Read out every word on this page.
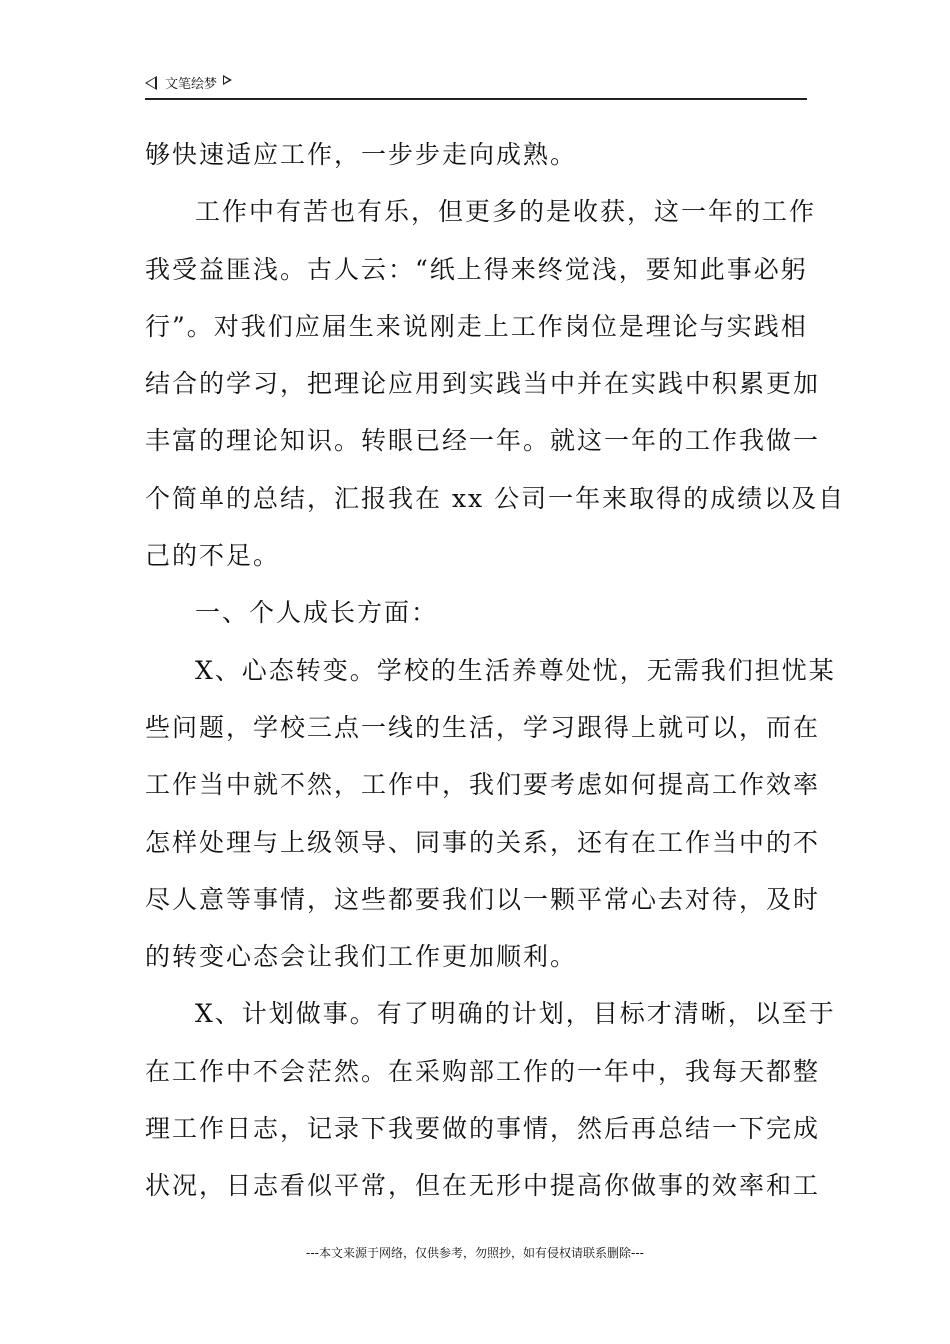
文笔绘梦
够快速适应工作，一步步走向成熟。
工作中有苦也有乐，但更多的是收获，这一年的工作
我受益匪浅。古人云：“纸上得来终觉浅，要知此事必躬
行”。对我们应届生来说刚走上工作岗位是理论与实践相
结合的学习，把理论应用到实践当中并在实践中积累更加
丰富的理论知识。转眼已经一年。就这一年的工作我做一
个简单的总结，汇报我在 xx 公司一年来取得的成绩以及自
己的不足。
一、个人成长方面：
X、心态转变。学校的生活养尊处忧，无需我们担忧某
些问题，学校三点一线的生活，学习跟得上就可以，而在
工作当中就不然，工作中，我们要考虑如何提高工作效率
怎样处理与上级领导、同事的关系，还有在工作当中的不
尽人意等事情，这些都要我们以一颗平常心去对待，及时
的转变心态会让我们工作更加顺利。
X、计划做事。有了明确的计划，目标才清晰，以至于
在工作中不会茫然。在采购部工作的一年中，我每天都整
理工作日志，记录下我要做的事情，然后再总结一下完成
状况，日志看似平常，但在无形中提高你做事的效率和工
---本文来源于网络，仅供参考，勿照抄，如有侵权请联系删除---
